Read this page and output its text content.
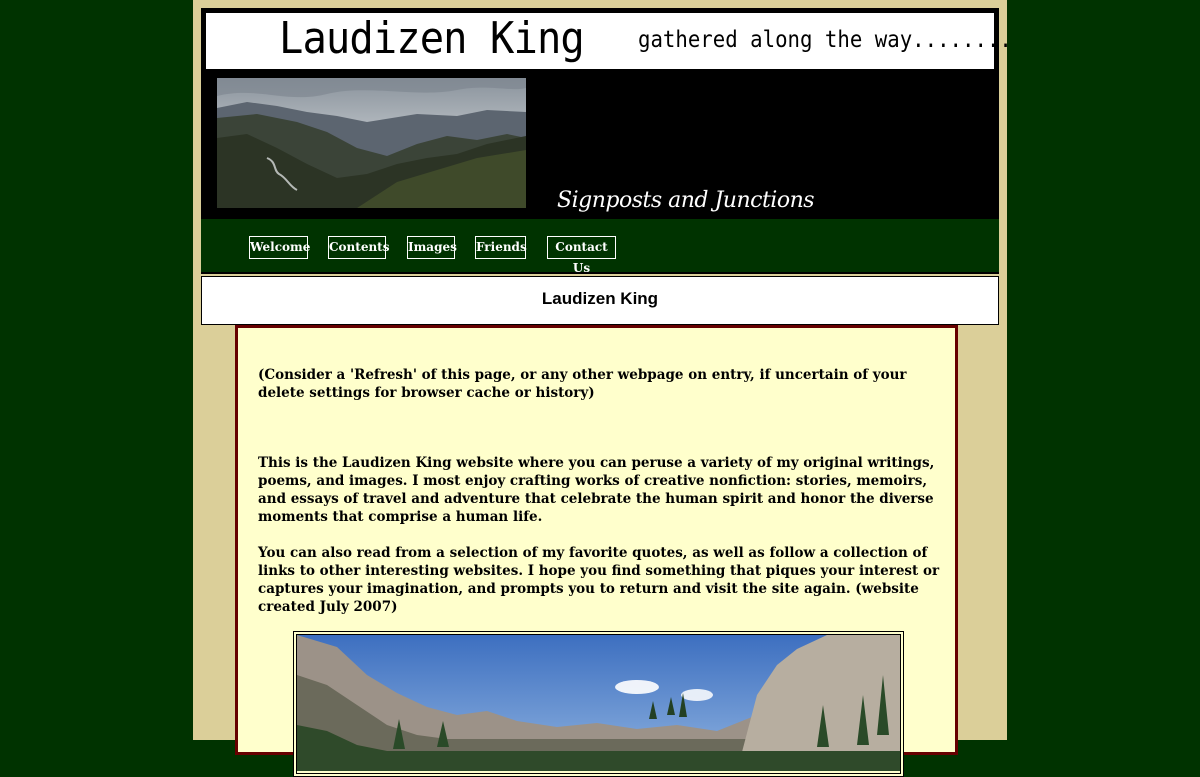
Laudizen King gathered along the way........
Signposts and Junctions
Welcome Contents Images Friends	Contact Us
Laudizen King
(Consider a 'Refresh' of this page, or any other webpage on entry, if uncertain of your delete settings for browser cache or history)
This is the Laudizen King website where you can peruse a variety of my original writings, poems, and images. I most enjoy crafting works of creative nonfiction: stories, memoirs, and essays of travel and adventure that celebrate the human spirit and honor the diverse moments that comprise a human life.
You can also read from a selection of my favorite quotes, as well as follow a collection of links to other interesting websites. I hope you find something that piques your interest or captures your imagination, and prompts you to return and visit the site again. (website created July 2007)
